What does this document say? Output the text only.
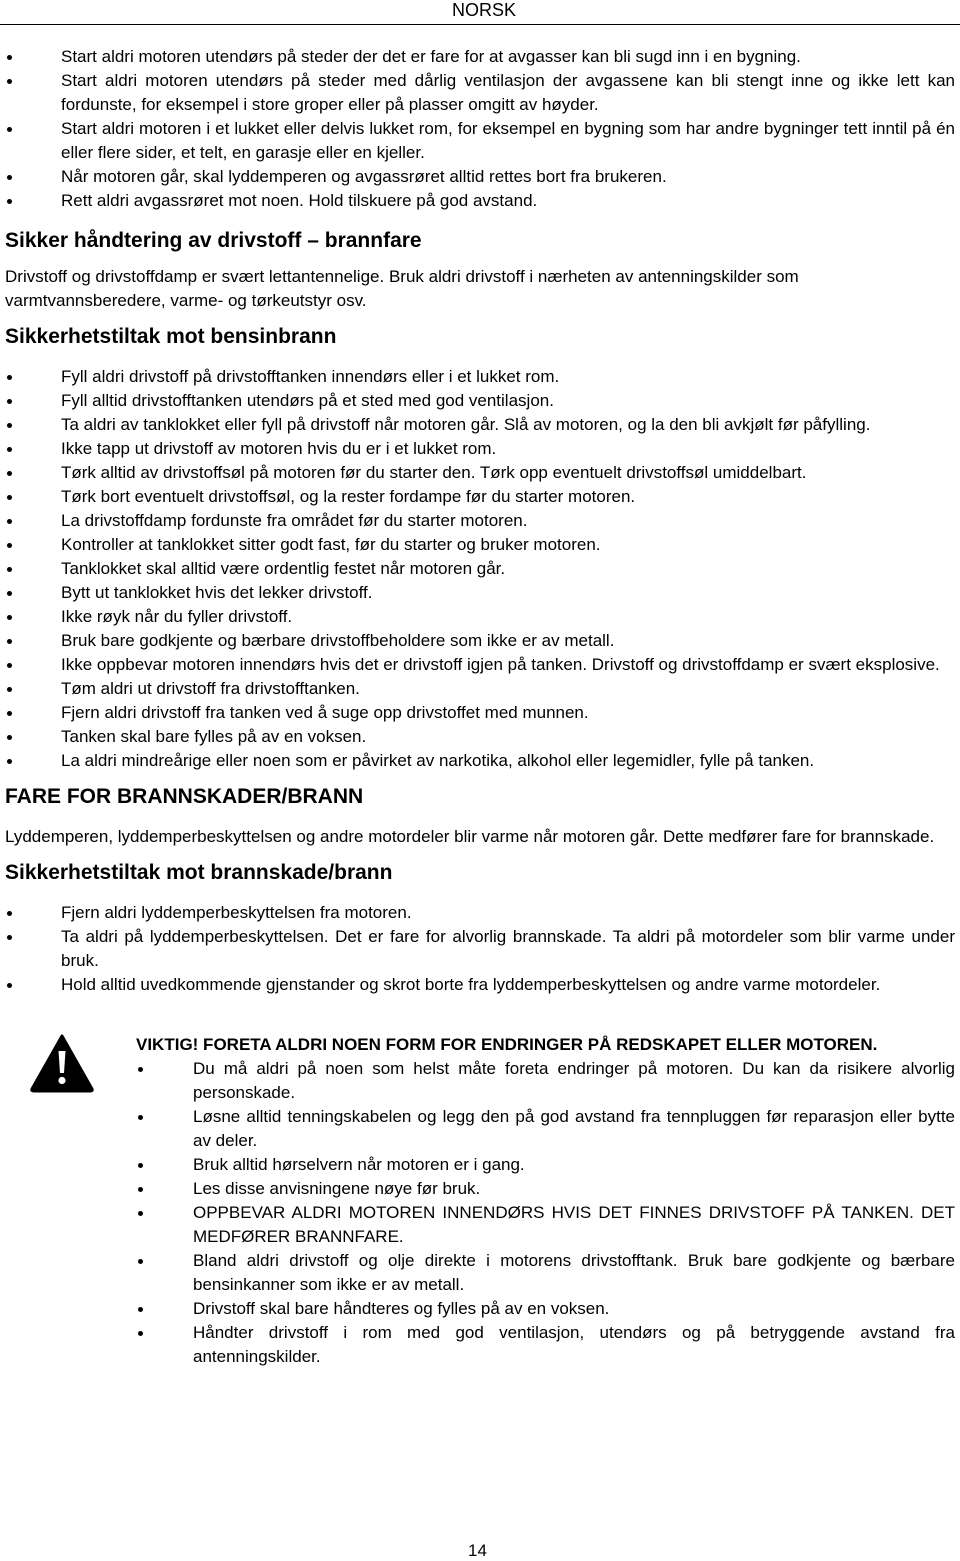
NORSK
Start aldri motoren utendørs på steder der det er fare for at avgasser kan bli sugd inn i en bygning.
Start aldri motoren utendørs på steder med dårlig ventilasjon der avgassene kan bli stengt inne og ikke lett kan fordunste, for eksempel i store groper eller på plasser omgitt av høyder.
Start aldri motoren i et lukket eller delvis lukket rom, for eksempel en bygning som har andre bygninger tett inntil på én eller flere sider, et telt, en garasje eller en kjeller.
Når motoren går, skal lyddemperen og avgassrøret alltid rettes bort fra brukeren.
Rett aldri avgassrøret mot noen. Hold tilskuere på god avstand.
Sikker håndtering av drivstoff – brannfare

Drivstoff og drivstoffdamp er svært lettantennelige. Bruk aldri drivstoff i nærheten av antenningskilder som varmtvannsberedere, varme- og tørkeutstyr osv.

Sikkerhetstiltak mot bensinbrann
Fyll aldri drivstoff på drivstofftanken innendørs eller i et lukket rom.
Fyll alltid drivstofftanken utendørs på et sted med god ventilasjon.
Ta aldri av tanklokket eller fyll på drivstoff når motoren går. Slå av motoren, og la den bli avkjølt før påfylling.
Ikke tapp ut drivstoff av motoren hvis du er i et lukket rom.
Tørk alltid av drivstoffsøl på motoren før du starter den. Tørk opp eventuelt drivstoffsøl umiddelbart.
Tørk bort eventuelt drivstoffsøl, og la rester fordampe før du starter motoren.
La drivstoffdamp fordunste fra området før du starter motoren.
Kontroller at tanklokket sitter godt fast, før du starter og bruker motoren.
Tanklokket skal alltid være ordentlig festet når motoren går.
Bytt ut tanklokket hvis det lekker drivstoff.
Ikke røyk når du fyller drivstoff.
Bruk bare godkjente og bærbare drivstoffbeholdere som ikke er av metall.
Ikke oppbevar motoren innendørs hvis det er drivstoff igjen på tanken. Drivstoff og drivstoffdamp er svært eksplosive.
Tøm aldri ut drivstoff fra drivstofftanken.
Fjern aldri drivstoff fra tanken ved å suge opp drivstoffet med munnen.
Tanken skal bare fylles på av en voksen.
La aldri mindreårige eller noen som er påvirket av narkotika, alkohol eller legemidler, fylle på tanken.
FARE FOR BRANNSKADER/BRANN

Lyddemperen, lyddemperbeskyttelsen og andre motordeler blir varme når motoren går. Dette medfører fare for brannskade.

Sikkerhetstiltak mot brannskade/brann
Fjern aldri lyddemperbeskyttelsen fra motoren.
Ta aldri på lyddemperbeskyttelsen. Det er fare for alvorlig brannskade. Ta aldri på motordeler som blir varme under bruk.
Hold alltid uvedkommende gjenstander og skrot borte fra lyddemperbeskyttelsen og andre varme motordeler.

VIKTIG! FORETA ALDRI NOEN FORM FOR ENDRINGER PÅ REDSKAPET ELLER MOTOREN.

Du må aldri på noen som helst måte foreta endringer på motoren. Du kan da risikere alvorlig personskade.
Løsne alltid tenningskabelen og legg den på god avstand fra tennpluggen før reparasjon eller bytte av deler.
Bruk alltid hørselvern når motoren er i gang.
Les disse anvisningene nøye før bruk.
OPPBEVAR ALDRI MOTOREN INNENDØRS HVIS DET FINNES DRIVSTOFF PÅ TANKEN. DET MEDFØRER BRANNFARE.
Bland aldri drivstoff og olje direkte i motorens drivstofftank. Bruk bare godkjente og bærbare bensinkanner som ikke er av metall.
Drivstoff skal bare håndteres og fylles på av en voksen.
Håndter drivstoff i rom med god ventilasjon, utendørs og på betryggende avstand fra antenningskilder.
14
